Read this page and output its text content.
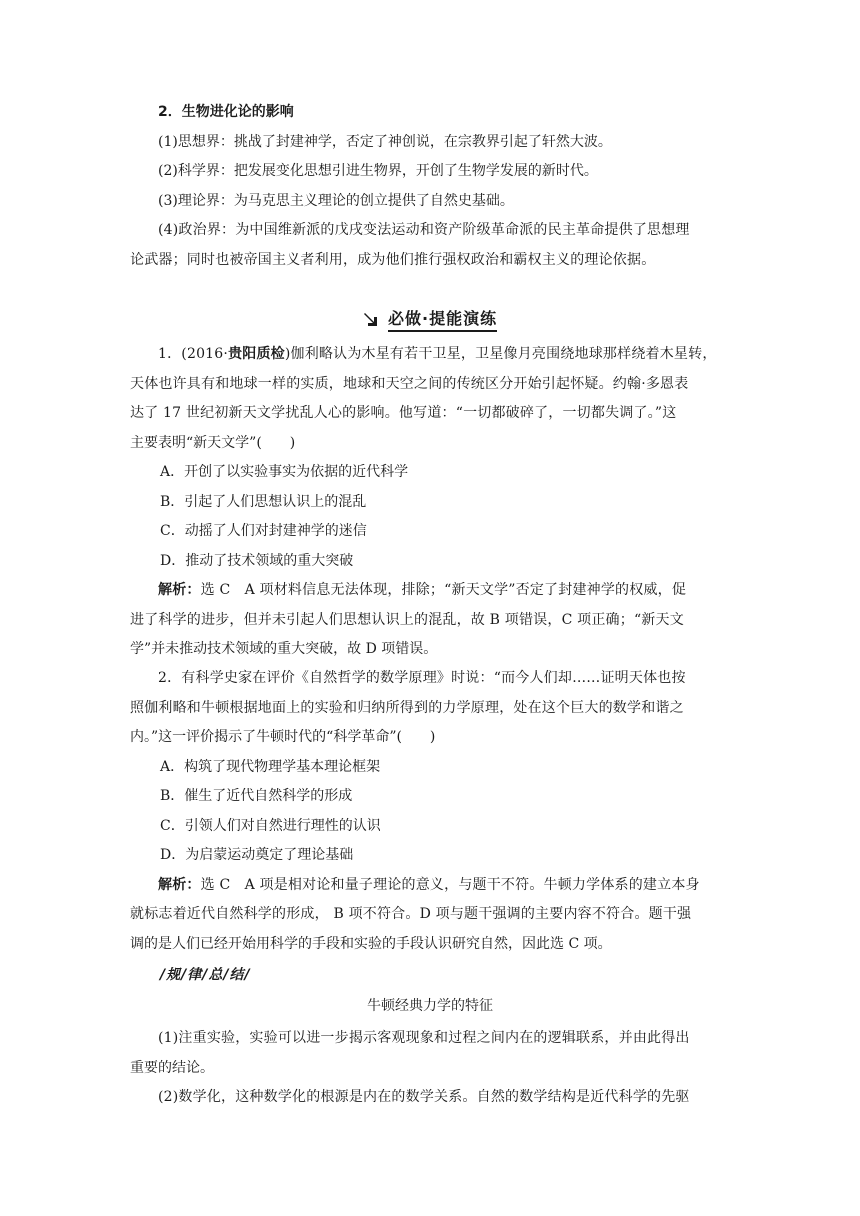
2．生物进化论的影响
(1)思想界：挑战了封建神学，否定了神创说，在宗教界引起了轩然大波。
(2)科学界：把发展变化思想引进生物界，开创了生物学发展的新时代。
(3)理论界：为马克思主义理论的创立提供了自然史基础。
(4)政治界：为中国维新派的戊戌变法运动和资产阶级革命派的民主革命提供了思想理
论武器；同时也被帝国主义者利用，成为他们推行强权政治和霸权主义的理论依据。
必做·提能演练
1．(2016·贵阳质检)伽利略认为木星有若干卫星，卫星像月亮围绕地球那样绕着木星转，
天体也许具有和地球一样的实质，地球和天空之间的传统区分开始引起怀疑。约翰·多恩表
达了 17 世纪初新天文学扰乱人心的影响。他写道：“一切都破碎了，一切都失调了。”这
主要表明“新天文学”(　　)
A．开创了以实验事实为依据的近代科学
B．引起了人们思想认识上的混乱
C．动摇了人们对封建神学的迷信
D．推动了技术领域的重大突破
解析：选 C　A 项材料信息无法体现，排除；“新天文学”否定了封建神学的权威，促
进了科学的进步，但并未引起人们思想认识上的混乱，故 B 项错误，C 项正确；“新天文
学”并未推动技术领域的重大突破，故 D 项错误。
2．有科学史家在评价《自然哲学的数学原理》时说：“而今人们却……证明天体也按
照伽利略和牛顿根据地面上的实验和归纳所得到的力学原理，处在这个巨大的数学和谐之
内。”这一评价揭示了牛顿时代的“科学革命”(　　)
A．构筑了现代物理学基本理论框架
B．催生了近代自然科学的形成
C．引领人们对自然进行理性的认识
D．为启蒙运动奠定了理论基础
解析：选 C　A 项是相对论和量子理论的意义，与题干不符。牛顿力学体系的建立本身
就标志着近代自然科学的形成， B 项不符合。D 项与题干强调的主要内容不符合。题干强
调的是人们已经开始用科学的手段和实验的手段认识研究自然，因此选 C 项。
/规/律/总/结/
牛顿经典力学的特征
(1)注重实验，实验可以进一步揭示客观现象和过程之间内在的逻辑联系，并由此得出
重要的结论。
(2)数学化，这种数学化的根源是内在的数学关系。自然的数学结构是近代科学的先驱
